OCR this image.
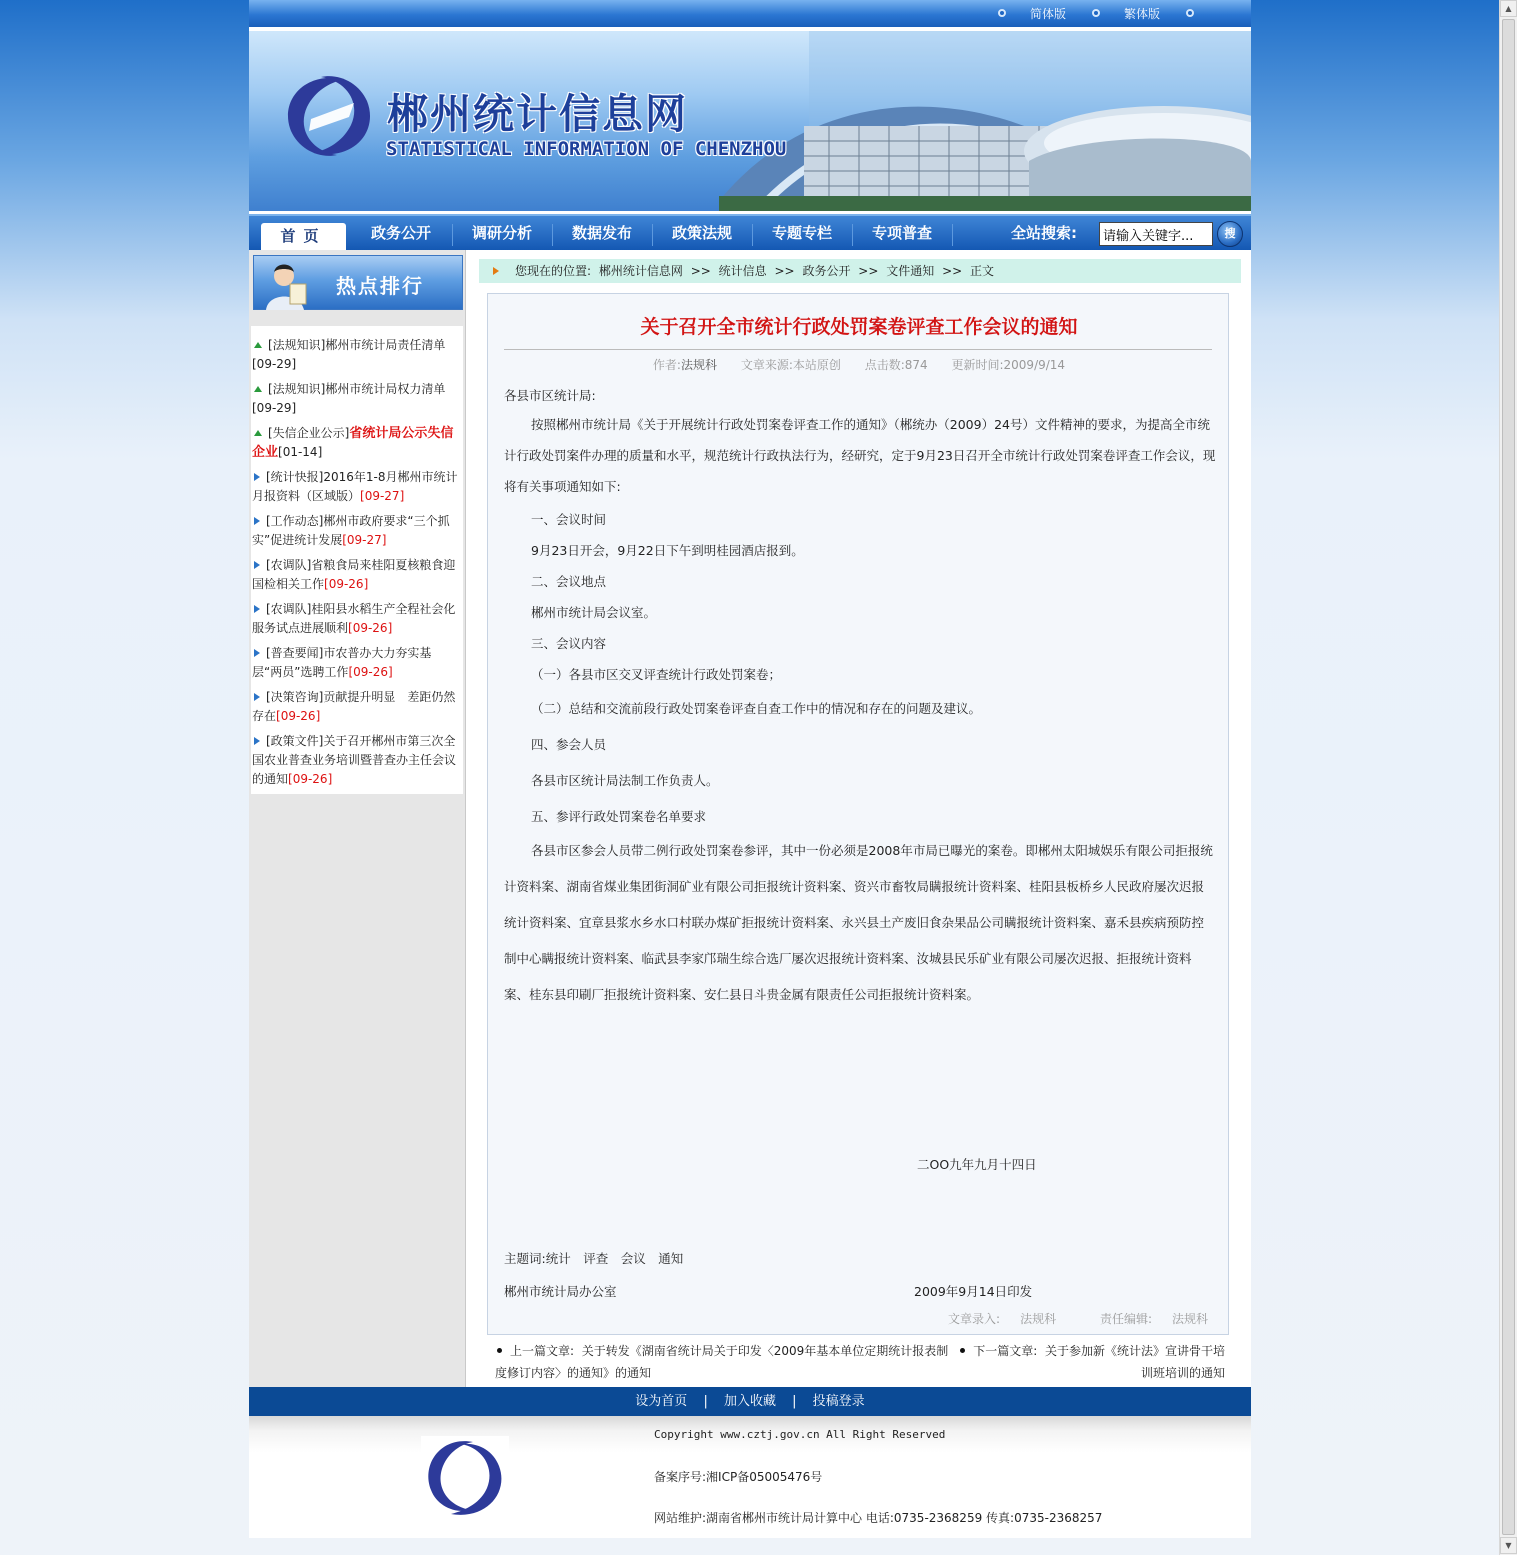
▲
▼
简体版	繁体版
郴州统计信息网
STATISTICAL INFORMATION OF CHENZHOU
首页	政务公开	调研分析	数据发布	政策法规	专题专栏	专项普查	全站搜索:
请输入关键字...	搜
热点排行
[法规知识]郴州市统计局责任清单[09-29]
[法规知识]郴州市统计局权力清单[09-29]
[失信企业公示]省统计局公示失信企业[01-14]
[统计快报]2016年1-8月郴州市统计月报资料（区域版）[09-27]
[工作动态]郴州市政府要求“三个抓实”促进统计发展[09-27]
[农调队]省粮食局来桂阳夏核粮食迎国检相关工作[09-26]
[农调队]桂阳县水稻生产全程社会化服务试点进展顺利[09-26]
[普查要闻]市农普办大力夯实基层“两员”选聘工作[09-26]
[决策咨询]贡献提升明显　差距仍然存在[09-26]
[政策文件]关于召开郴州市第三次全国农业普查业务培训暨普查办主任会议的通知[09-26]
您现在的位置: 郴州统计信息网 >> 统计信息 >> 政务公开 >> 文件通知 >> 正文
关于召开全市统计行政处罚案卷评查工作会议的通知
作者:法规科 文章来源:本站原创 点击数:874 更新时间:2009/9/14
各县市区统计局:
按照郴州市统计局《关于开展统计行政处罚案卷评查工作的通知》（郴统办（2009）24号）文件精神的要求，为提高全市统计行政处罚案件办理的质量和水平，规范统计行政执法行为，经研究，定于9月23日召开全市统计行政处罚案卷评查工作会议，现将有关事项通知如下:
一、会议时间
9月23日开会，9月22日下午到明桂园酒店报到。
二、会议地点
郴州市统计局会议室。
三、会议内容
（一）各县市区交叉评查统计行政处罚案卷；
（二）总结和交流前段行政处罚案卷评查自查工作中的情况和存在的问题及建议。
四、参会人员
各县市区统计局法制工作负责人。
五、参评行政处罚案卷名单要求
各县市区参会人员带二例行政处罚案卷参评，其中一份必须是2008年市局已曝光的案卷。即郴州太阳城娱乐有限公司拒报统计资料案、湖南省煤业集团街洞矿业有限公司拒报统计资料案、资兴市畜牧局瞒报统计资料案、桂阳县板桥乡人民政府屡次迟报统计资料案、宜章县浆水乡水口村联办煤矿拒报统计资料案、永兴县土产废旧食杂果品公司瞒报统计资料案、嘉禾县疾病预防控制中心瞒报统计资料案、临武县李家邝瑞生综合选厂屡次迟报统计资料案、汝城县民乐矿业有限公司屡次迟报、拒报统计资料案、桂东县印刷厂拒报统计资料案、安仁县日斗贵金属有限责任公司拒报统计资料案。
二OO九年九月十四日
主题词:统计　评查　会议　通知
郴州市统计局办公室	2009年9月14日印发
文章录入: 法规科	责任编辑: 法规科
上一篇文章: 关于转发《湖南省统计局关于印发〈2009年基本单位定期统计报表制度修订内容〉的通知》的通知
下一篇文章: 关于参加新《统计法》宣讲骨干培训班培训的通知
设为首页 | 加入收藏 | 投稿登录
Copyright www.cztj.gov.cn All Right Reserved
备案序号:湘ICP备05005476号
网站维护:湖南省郴州市统计局计算中心 电话:0735-2368259 传真:0735-2368257
